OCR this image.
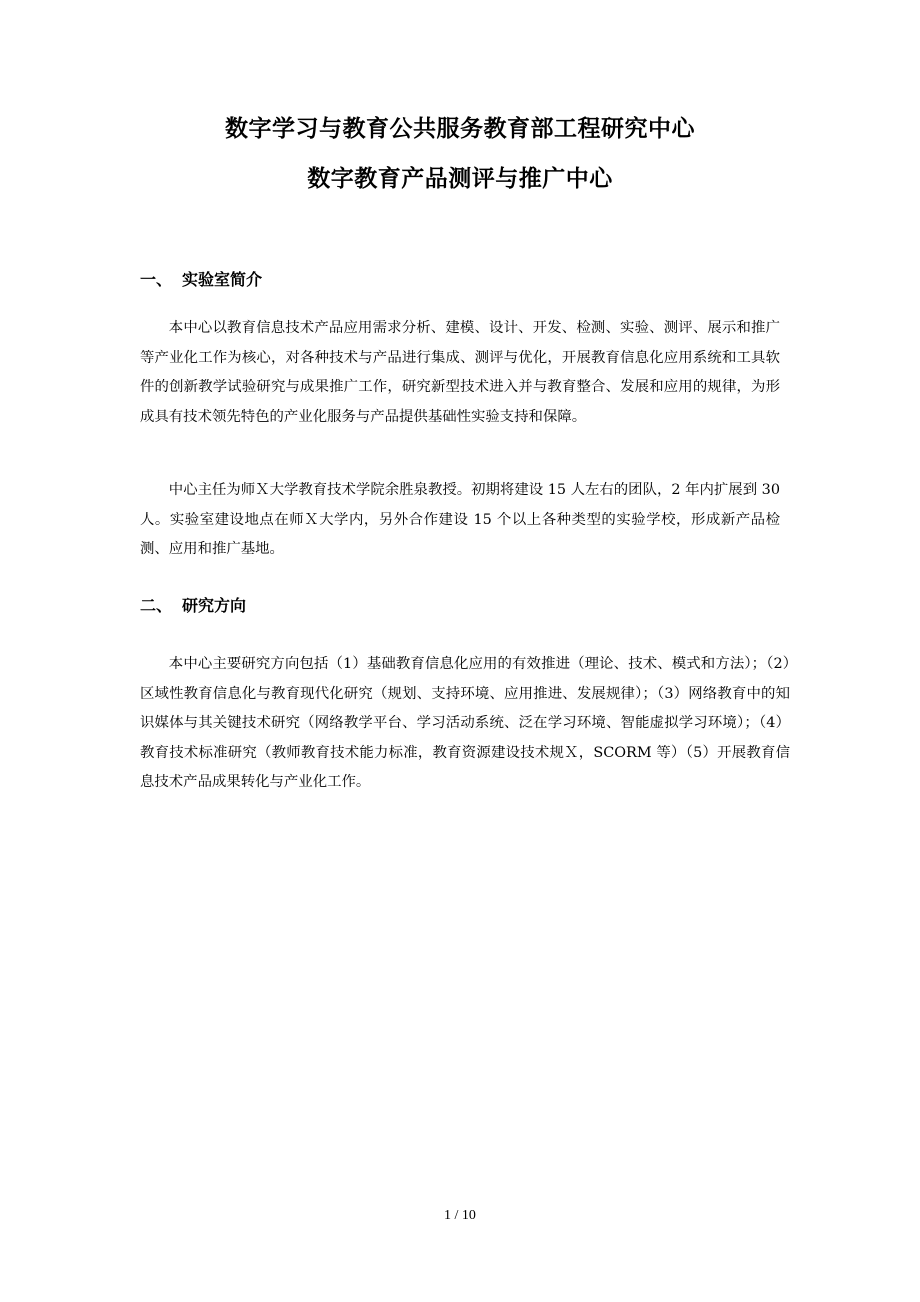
数字学习与教育公共服务教育部工程研究中心
数字教育产品测评与推广中心
一、 实验室简介
本中心以教育信息技术产品应用需求分析、建模、设计、开发、检测、实验、测评、展示和推广等产业化工作为核心，对各种技术与产品进行集成、测评与优化，开展教育信息化应用系统和工具软件的创新教学试验研究与成果推广工作，研究新型技术进入并与教育整合、发展和应用的规律，为形成具有技术领先特色的产业化服务与产品提供基础性实验支持和保障。
中心主任为师Ｘ大学教育技术学院余胜泉教授。初期将建设 15 人左右的团队，2 年内扩展到 30 人。实验室建设地点在师Ｘ大学内，另外合作建设 15 个以上各种类型的实验学校，形成新产品检测、应用和推广基地。
二、 研究方向
本中心主要研究方向包括（1）基础教育信息化应用的有效推进（理论、技术、模式和方法）；（2）区域性教育信息化与教育现代化研究（规划、支持环境、应用推进、发展规律）；（3）网络教育中的知识媒体与其关键技术研究（网络教学平台、学习活动系统、泛在学习环境、智能虚拟学习环境）；（4）教育技术标准研究（教师教育技术能力标准，教育资源建设技术规Ｘ，SCORM 等）（5）开展教育信息技术产品成果转化与产业化工作。
1 / 10
